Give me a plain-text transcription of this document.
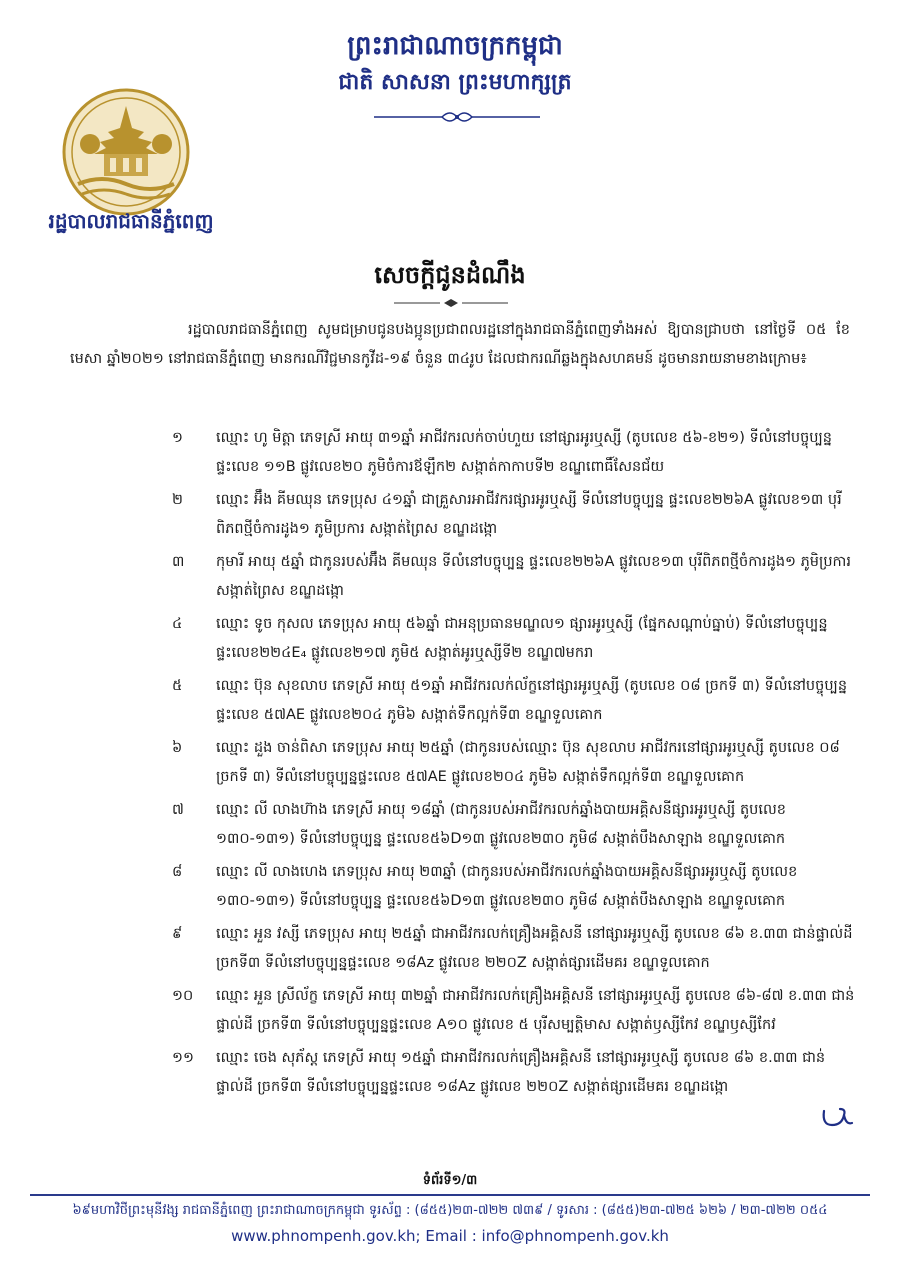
ព្រះរាជាណាចក្រកម្ពុជា
ជាតិ សាសនា ព្រះមហាក្សត្រ
រដ្ឋបាលរាជធានីភ្នំពេញ
សេចក្តីជូនដំណឹង
រដ្ឋបាលរាជធានីភ្នំពេញ សូមជម្រាបជូនបងប្អូនប្រជាពលរដ្ឋនៅក្នុងរាជធានីភ្នំពេញទាំងអស់ ឱ្យបានជ្រាបថា នៅថ្ងៃទី ០៥ ខែមេសា ឆ្នាំ២០២១ នៅរាជធានីភ្នំពេញ មានករណីវិជ្ជមានកូវីដ-១៩ ចំនួន ៣៤រូប ដែលជាករណីឆ្លងក្នុងសហគមន៍ ដូចមានរាយនាមខាងក្រោម៖
១	ឈ្មោះ ហូ មិត្តា ភេទស្រី អាយុ ៣១ឆ្នាំ អាជីវករលក់ចាប់ហួយ នៅផ្សារអូរឬស្សី (តូបលេខ ៥៦-ខ២១) ទីលំនៅបច្ចុប្បន្ន ផ្ទះលេខ ១១B ផ្លូវលេខ២០ ភូមិចំការឪឡឹក២ សង្កាត់កាកាបទី២ ខណ្ឌពោធិ៍សែនជ័យ
២	ឈ្មោះ អ៊ឹង គីមឈុន ភេទប្រុស ៤១ឆ្នាំ ជាគ្រួសារអាជីវករផ្សារអូរឬស្សី ទីលំនៅបច្ចុប្បន្ន ផ្ទះលេខ២២៦A ផ្លូវលេខ១៣ បុរីពិភពថ្មីចំការដូង១ ភូមិប្រការ សង្កាត់ព្រៃស ខណ្ឌដង្កោ
៣	កុមារី អាយុ ៥ឆ្នាំ ជាកូនរបស់អ៊ឹង គីមឈុន ទីលំនៅបច្ចុប្បន្ន ផ្ទះលេខ២២៦A ផ្លូវលេខ១៣ បុរីពិភពថ្មីចំការដូង១ ភូមិប្រការ សង្កាត់ព្រៃស ខណ្ឌដង្កោ
៤	ឈ្មោះ ទូច កុសល ភេទប្រុស អាយុ ៥៦ឆ្នាំ ជាអនុប្រធានមណ្ឌល១ ផ្សារអូរឬស្សី (ផ្នែកសណ្តាប់ធ្នាប់) ទីលំនៅបច្ចុប្បន្ន ផ្ទះលេខ២២៤E₄ ផ្លូវលេខ២១៧ ភូមិ៥ សង្កាត់អូរឬស្សីទី២ ខណ្ឌ៧មករា
៥	ឈ្មោះ ប៊ុន សុខលាប ភេទស្រី អាយុ ៥១ឆ្នាំ អាជីវករលក់ល័ក្ខនៅផ្សារអូរឬស្សី (តូបលេខ ០៨ ច្រកទី ៣) ទីលំនៅបច្ចុប្បន្ន ផ្ទះលេខ ៥៧AE ផ្លូវលេខ២០៤ ភូមិ៦ សង្កាត់ទឹកល្អក់ទី៣ ខណ្ឌទួលគោក
៦	ឈ្មោះ ដួង ចាន់ពិសា ភេទប្រុស អាយុ ២៥ឆ្នាំ (ជាកូនរបស់ឈ្មោះ ប៊ុន សុខលាប អាជីវករនៅផ្សារអូរឬស្សី តូបលេខ ០៨ ច្រកទី ៣) ទីលំនៅបច្ចុប្បន្នផ្ទះលេខ ៥៧AE ផ្លូវលេខ២០៤ ភូមិ៦ សង្កាត់ទឹកល្អក់ទី៣ ខណ្ឌទួលគោក
៧	ឈ្មោះ លី លាងហ៊ាង ភេទស្រី អាយុ ១៨ឆ្នាំ (ជាកូនរបស់អាជីវករលក់ឆ្នាំងបាយអគ្គិសនីផ្សារអូរឬស្សី តូបលេខ ១៣០-១៣១) ទីលំនៅបច្ចុប្បន្ន ផ្ទះលេខ៥៦D១៣ ផ្លូវលេខ២៣០ ភូមិ៨ សង្កាត់បឹងសាឡាង ខណ្ឌទួលគោក
៨	ឈ្មោះ លី លាងហេង ភេទប្រុស អាយុ ២៣ឆ្នាំ (ជាកូនរបស់អាជីវករលក់ឆ្នាំងបាយអគ្គិសនីផ្សារអូរឬស្សី តូបលេខ ១៣០-១៣១) ទីលំនៅបច្ចុប្បន្ន ផ្ទះលេខ៥៦D១៣ ផ្លូវលេខ២៣០ ភូមិ៨ សង្កាត់បឹងសាឡាង ខណ្ឌទួលគោក
៩	ឈ្មោះ អួន វស្សី ភេទប្រុស អាយុ ២៥ឆ្នាំ ជាអាជីវករលក់គ្រឿងអគ្គិសនី នៅផ្សារអូរឬស្សី តូបលេខ ៨៦ ខ.៣៣ ជាន់ផ្ទាល់ដី ច្រកទី៣ ទីលំនៅបច្ចុប្បន្នផ្ទះលេខ ១៨Az ផ្លូវលេខ ២២០Z សង្កាត់ផ្សារដើមគរ ខណ្ឌទួលគោក
១០	ឈ្មោះ អួន ស្រីល័ក្ខ ភេទស្រី អាយុ ៣២ឆ្នាំ ជាអាជីវករលក់គ្រឿងអគ្គិសនី នៅផ្សារអូរឬស្សី តូបលេខ ៨៦-៨៧ ខ.៣៣ ជាន់ផ្ទាល់ដី ច្រកទី៣ ទីលំនៅបច្ចុប្បន្នផ្ទះលេខ A១០ ផ្លូវលេខ ៥ បុរីសម្បត្តិមាស សង្កាត់ឫស្សីកែវ ខណ្ឌឫស្សីកែវ
១១	ឈ្មោះ ចេង សុភ័ស្ត ភេទស្រី អាយុ ១៥ឆ្នាំ ជាអាជីវករលក់គ្រឿងអគ្គិសនី នៅផ្សារអូរឬស្សី តូបលេខ ៨៦ ខ.៣៣ ជាន់ផ្ទាល់ដី ច្រកទី៣ ទីលំនៅបច្ចុប្បន្នផ្ទះលេខ ១៨Az ផ្លូវលេខ ២២០Z សង្កាត់ផ្សារដើមគរ ខណ្ឌដង្កោ
ទំព័រទី១/៣
៦៩មហាវិថីព្រះមុនីវង្ស រាជធានីភ្នំពេញ ព្រះរាជាណាចក្រកម្ពុជា ទូរស័ព្ទ : (៨៥៥)២៣-៧២២ ៧៣៩ / ទូរសារ : (៨៥៥)២៣-៧២៥ ៦២៦ / ២៣-៧២២ ០៥៤
www.phnompenh.gov.kh; Email : info@phnompenh.gov.kh
